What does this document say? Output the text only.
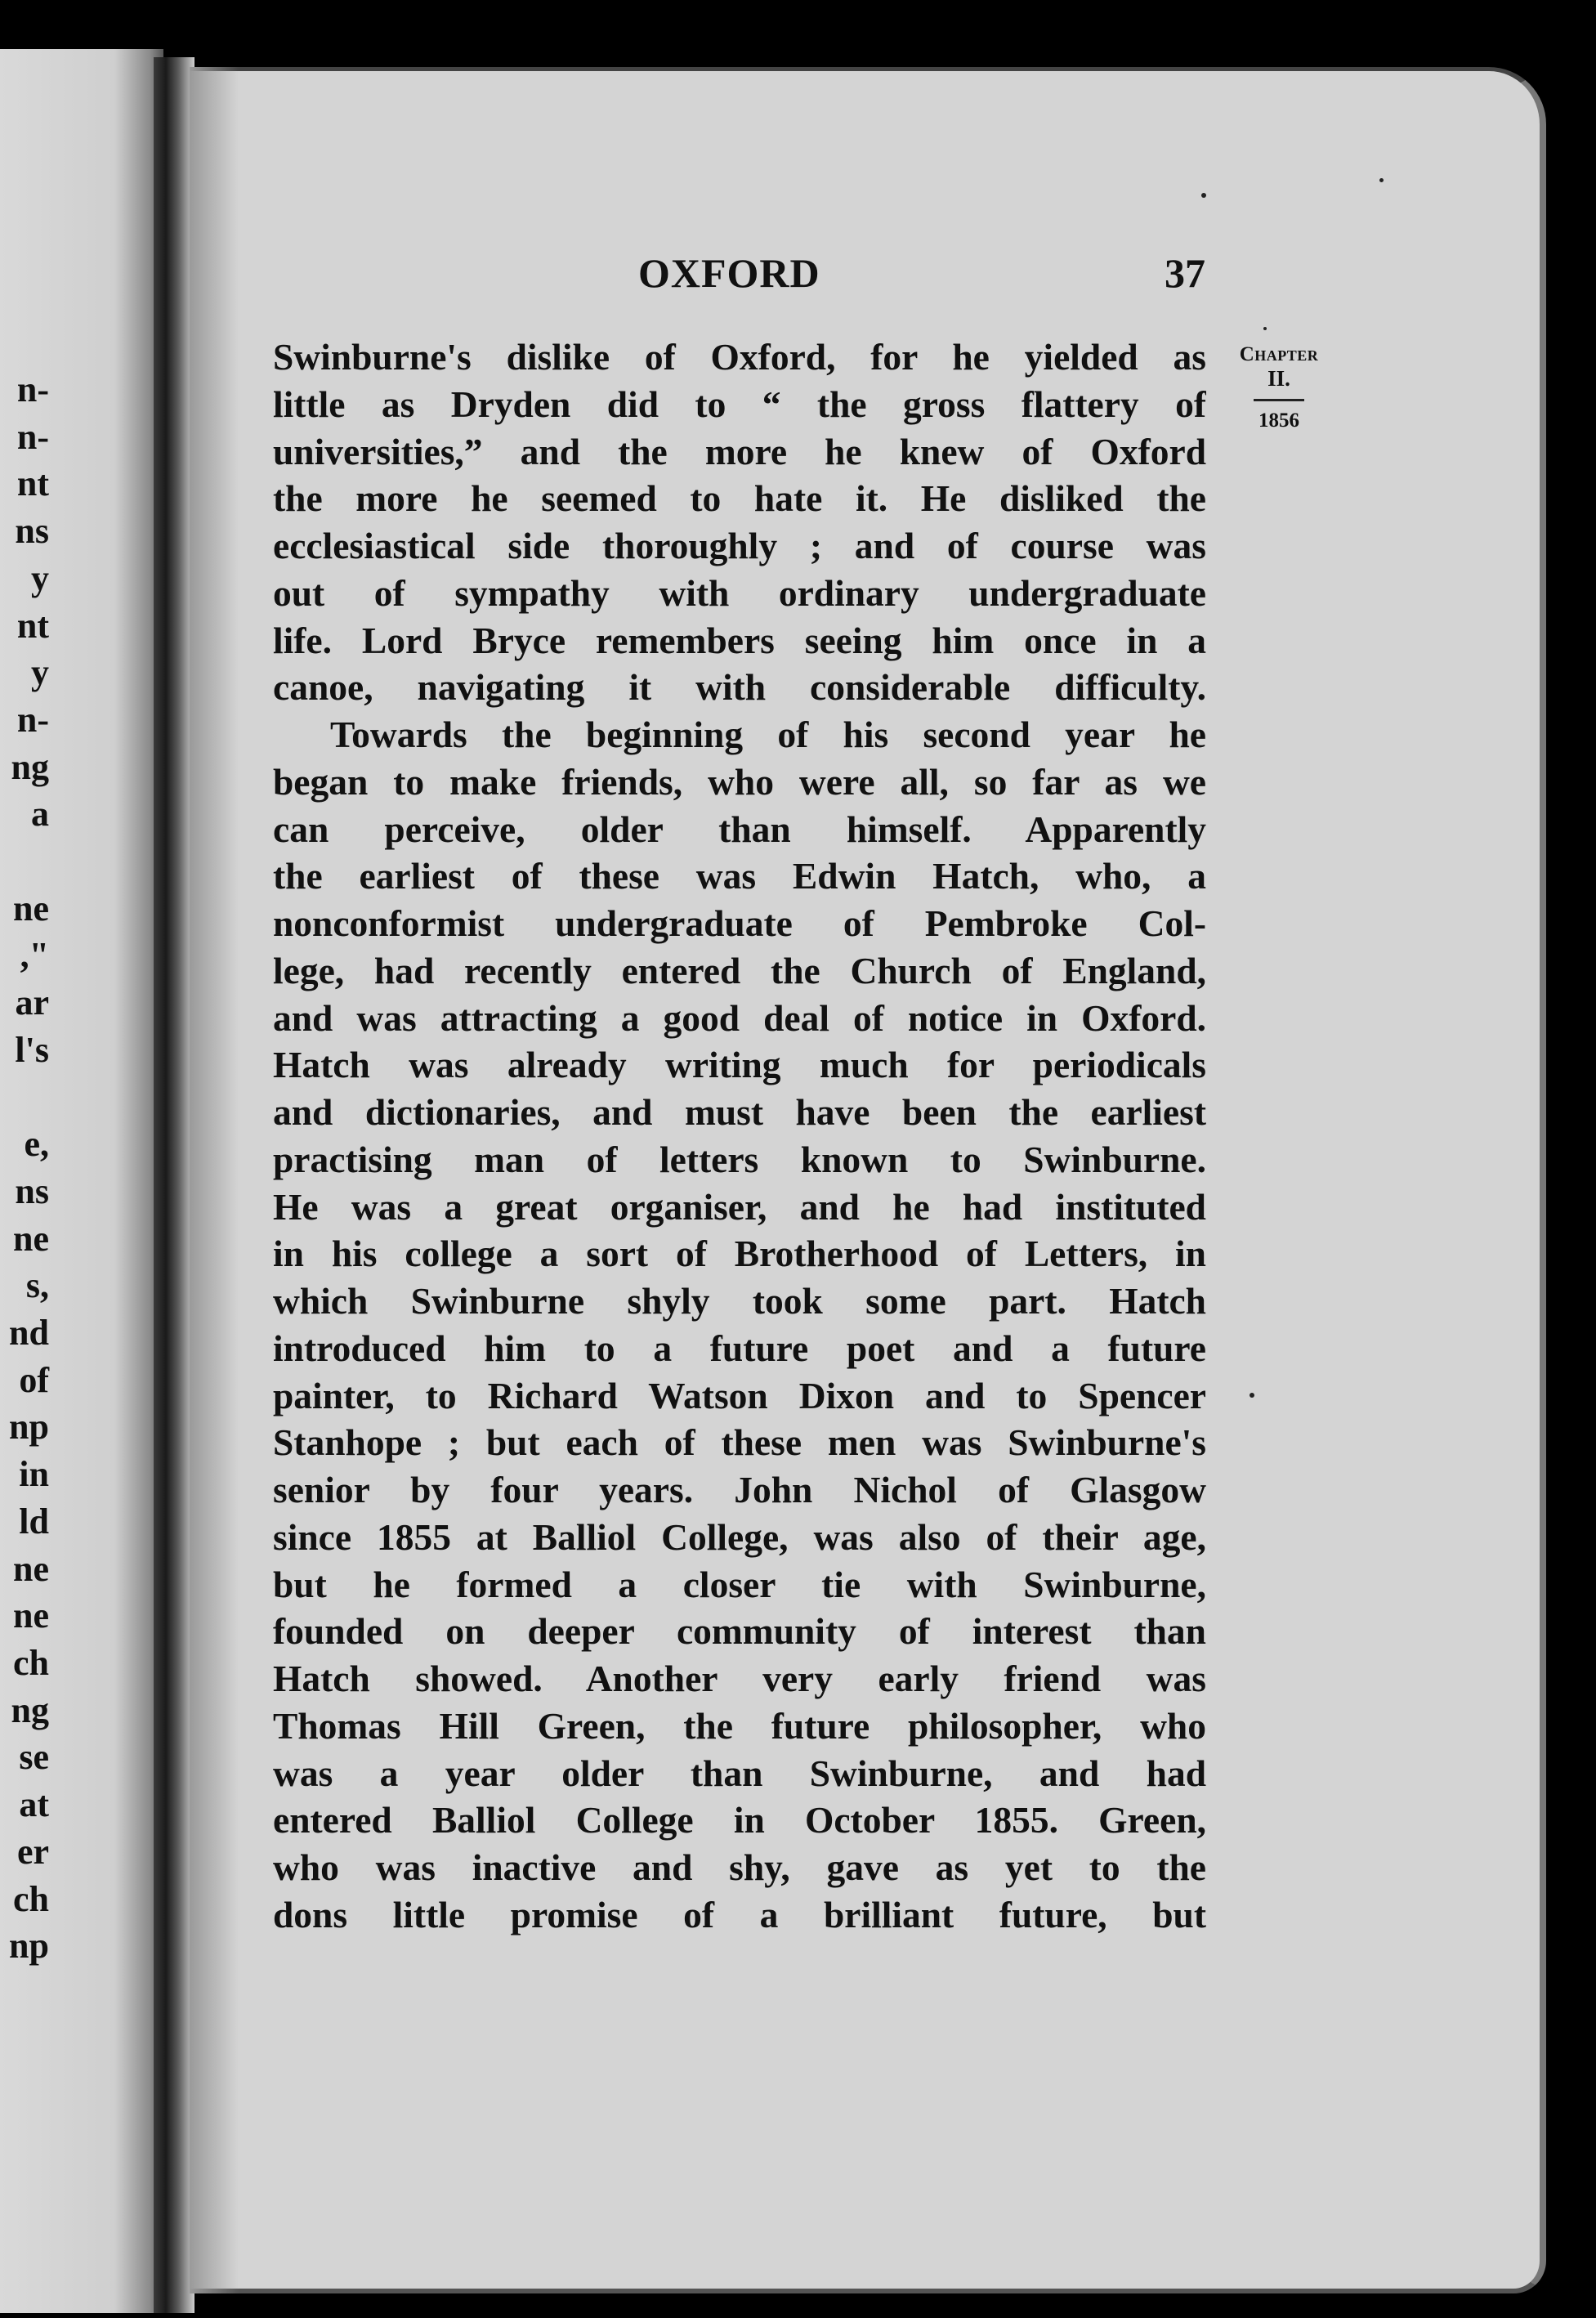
n-
n-
nt
ns
y
nt
y
n-
ng
a

ne
,"
ar
l's

e,
ns
ne
s,
nd
of
np
in
ld
ne
ne
ch
ng
se
at
er
ch
np
OXFORD	37
Chapter
II.
1856
Swinburne's dislike of Oxford, for he yielded as
little as Dryden did to “ the gross flattery of
universities,” and the more he knew of Oxford
the more he seemed to hate it. He disliked the
ecclesiastical side thoroughly ; and of course was
out of sympathy with ordinary undergraduate
life. Lord Bryce remembers seeing him once in a
canoe, navigating it with considerable difficulty.
Towards the beginning of his second year he
began to make friends, who were all, so far as we
can perceive, older than himself. Apparently
the earliest of these was Edwin Hatch, who, a
nonconformist undergraduate of Pembroke Col-
lege, had recently entered the Church of England,
and was attracting a good deal of notice in Oxford.
Hatch was already writing much for periodicals
and dictionaries, and must have been the earliest
practising man of letters known to Swinburne.
He was a great organiser, and he had instituted
in his college a sort of Brotherhood of Letters, in
which Swinburne shyly took some part. Hatch
introduced him to a future poet and a future
painter, to Richard Watson Dixon and to Spencer
Stanhope ; but each of these men was Swinburne's
senior by four years. John Nichol of Glasgow
since 1855 at Balliol College, was also of their age,
but he formed a closer tie with Swinburne,
founded on deeper community of interest than
Hatch showed. Another very early friend was
Thomas Hill Green, the future philosopher, who
was a year older than Swinburne, and had
entered Balliol College in October 1855. Green,
who was inactive and shy, gave as yet to the
dons little promise of a brilliant future, but
